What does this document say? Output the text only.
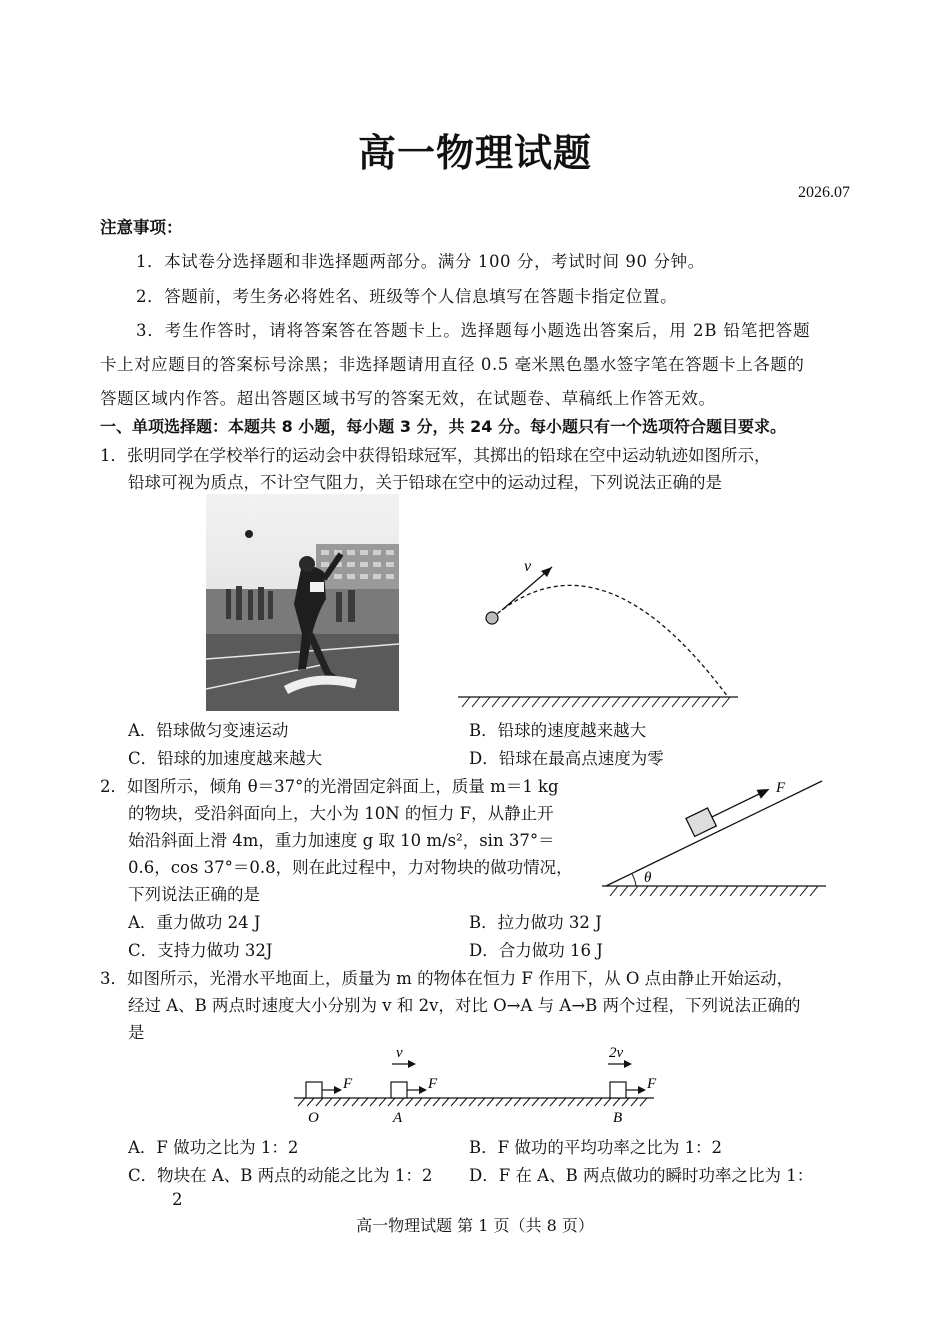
高一物理试题
2026.07
注意事项：
1．本试卷分选择题和非选择题两部分。满分 100 分，考试时间 90 分钟。
2．答题前，考生务必将姓名、班级等个人信息填写在答题卡指定位置。
3．考生作答时，请将答案答在答题卡上。选择题每小题选出答案后，用 2B 铅笔把答题
卡上对应题目的答案标号涂黑；非选择题请用直径 0.5 毫米黑色墨水签字笔在答题卡上各题的
答题区域内作答。超出答题区域书写的答案无效，在试题卷、草稿纸上作答无效。
一、单项选择题：本题共 8 小题，每小题 3 分，共 24 分。每小题只有一个选项符合题目要求。
1．张明同学在学校举行的运动会中获得铅球冠军，其掷出的铅球在空中运动轨迹如图所示，
铅球可视为质点，不计空气阻力，关于铅球在空中的运动过程，下列说法正确的是
v
A．铅球做匀变速运动	B．铅球的速度越来越大
C．铅球的加速度越来越大	D．铅球在最高点速度为零
2．如图所示，倾角 θ＝37°的光滑固定斜面上，质量 m＝1 kg
的物块，受沿斜面向上，大小为 10N 的恒力 F，从静止开
始沿斜面上滑 4m，重力加速度 g 取 10 m/s²，sin 37°＝
0.6，cos 37°＝0.8，则在此过程中，力对物块的做功情况，
下列说法正确的是
θ
F
A．重力做功 24 J	B．拉力做功 32 J
C．支持力做功 32J	D．合力做功 16 J
3．如图所示，光滑水平地面上，质量为 m 的物体在恒力 F 作用下，从 O 点由静止开始运动，
经过 A、B 两点时速度大小分别为 v 和 2v，对比 O→A 与 A→B 两个过程，下列说法正确的
是
F
O
F
A
v
F
B
2v
A．F 做功之比为 1：2	B．F 做功的平均功率之比为 1：2
C．物块在 A、B 两点的动能之比为 1：2 D．F 在 A、B 两点做功的瞬时功率之比为 1：
2
高一物理试题 第 1 页（共 8 页）
